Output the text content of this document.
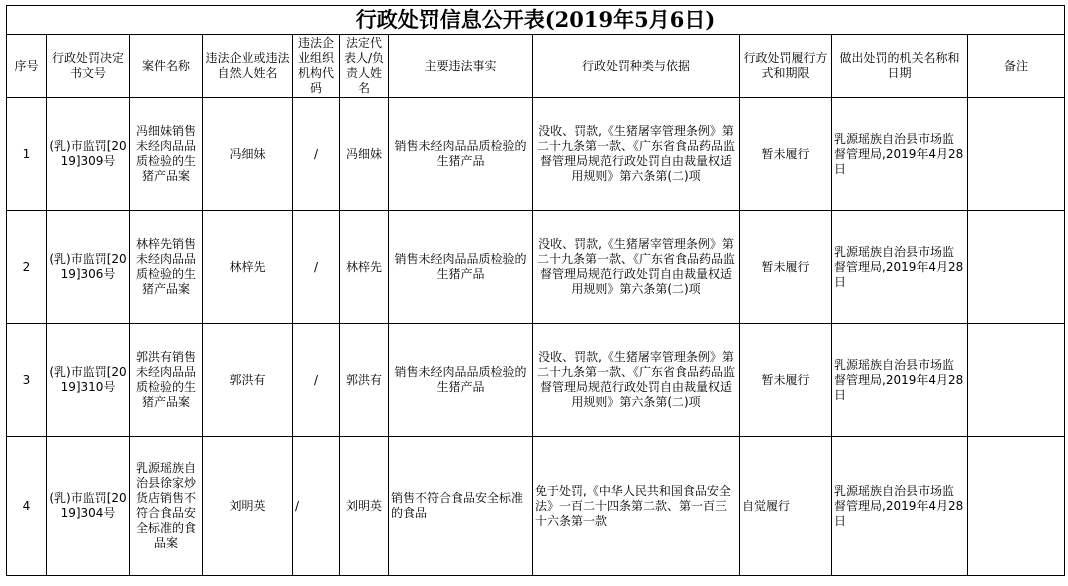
行政处罚信息公开表(2019年5月6日)										
序号	行政处罚决定书文号	案件名称	违法企业或违法自然人姓名	违法企业组织机构代码	法定代表人/负责人姓名	主要违法事实	行政处罚种类与依据	行政处罚履行方式和期限	做出处罚的机关名称和日期	备注
1	(乳)市监罚[2019]309号	冯细妹销售未经肉品品质检验的生猪产品案	冯细妹	/	冯细妹	销售未经肉品品质检验的生猪产品	没收、罚款,《生猪屠宰管理条例》第二十九条第一款、《广东省食品药品监督管理局规范行政处罚自由裁量权适用规则》第六条第(二)项	暂未履行	乳源瑶族自治县市场监督管理局,2019年4月28日	
2	(乳)市监罚[2019]306号	林梓先销售未经肉品品质检验的生猪产品案	林梓先	/	林梓先	销售未经肉品品质检验的生猪产品	没收、罚款,《生猪屠宰管理条例》第二十九条第一款、《广东省食品药品监督管理局规范行政处罚自由裁量权适用规则》第六条第(二)项	暂未履行	乳源瑶族自治县市场监督管理局,2019年4月28日	
3	(乳)市监罚[2019]310号	郭洪有销售未经肉品品质检验的生猪产品案	郭洪有	/	郭洪有	销售未经肉品品质检验的生猪产品	没收、罚款,《生猪屠宰管理条例》第二十九条第一款、《广东省食品药品监督管理局规范行政处罚自由裁量权适用规则》第六条第(二)项	暂未履行	乳源瑶族自治县市场监督管理局,2019年4月28日	
4	(乳)市监罚[2019]304号	乳源瑶族自治县徐家炒货店销售不符合食品安全标准的食品案	刘明英	/	刘明英	销售不符合食品安全标准的食品	免于处罚,《中华人民共和国食品安全法》一百二十四条第二款、第一百三十六条第一款	自觉履行	乳源瑶族自治县市场监督管理局,2019年4月28日	
